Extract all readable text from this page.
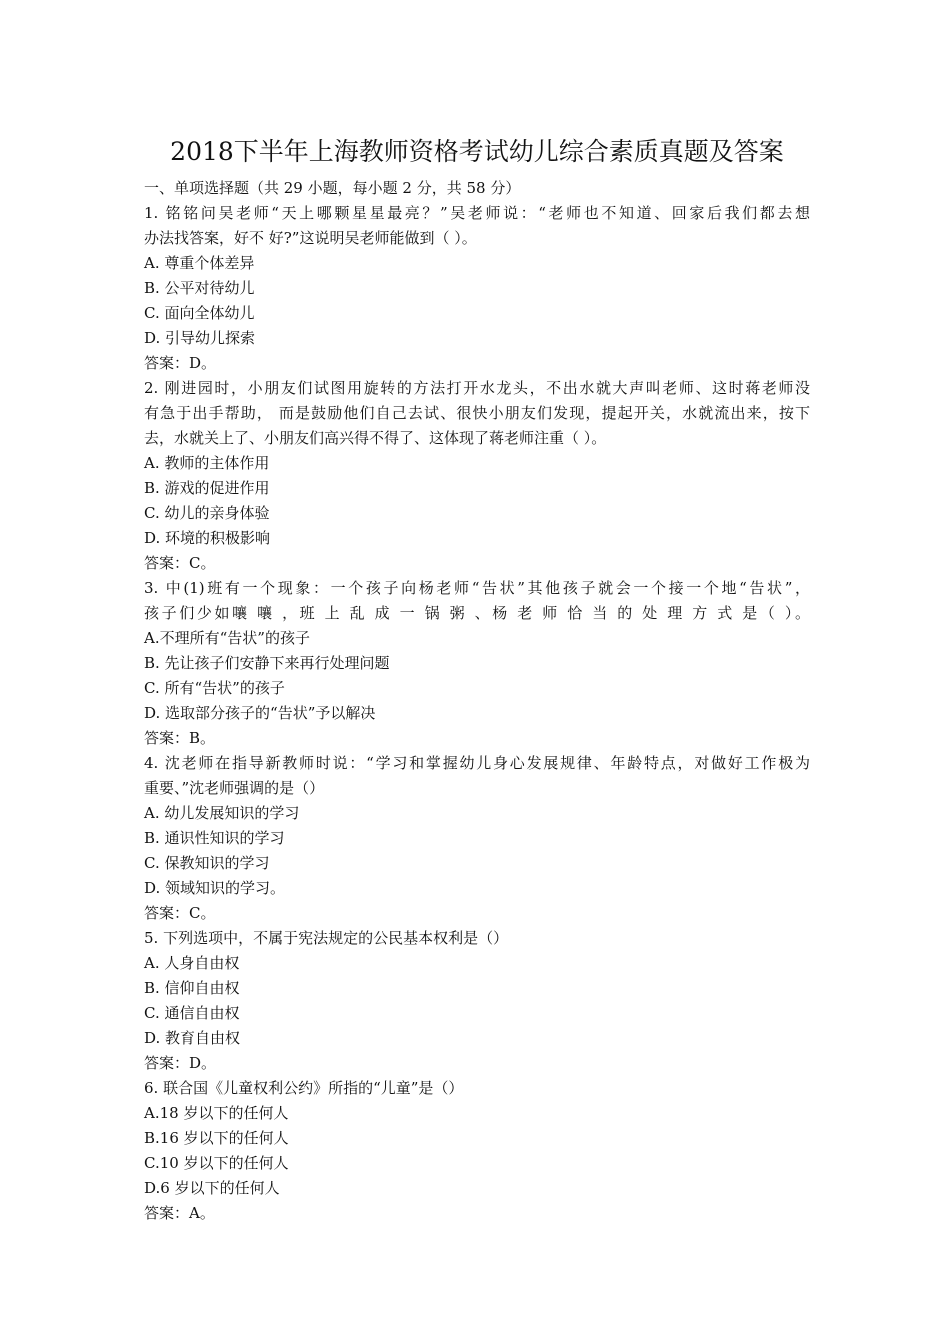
2018下半年上海教师资格考试幼儿综合素质真题及答案
一、单项选择题（共 29 小题，每小题 2 分，共 58 分）
1. 铭铭问吴老师“天上哪颗星星最亮？”吴老师说：“老师也不知道、回家后我们都去想
办法找答案，好不 好?”这说明吴老师能做到（ ）。
A. 尊重个体差异
B. 公平对待幼儿
C. 面向全体幼儿
D. 引导幼儿探索
答案：D。
2. 刚进园时，小朋友们试图用旋转的方法打开水龙头，不出水就大声叫老师、这时蒋老师没
有急于出手帮助， 而是鼓励他们自己去试、很快小朋友们发现，提起开关，水就流出来，按下
去，水就关上了、小朋友们高兴得不得了、这体现了蒋老师注重（ ）。
A. 教师的主体作用
B. 游戏的促进作用
C. 幼儿的亲身体验
D. 环境的积极影响
答案：C。
3. 中(1)班有一个现象：一个孩子向杨老师“告状”其他孩子就会一个接一个地“告状”，
孩子们少如嚷 嚷 ，班 上 乱 成 一 锅 粥 、杨 老 师 恰 当 的 处 理 方 式 是（ ）。
A.不理所有“告状”的孩子
B. 先让孩子们安静下来再行处理问题
C. 所有“告状”的孩子
D. 选取部分孩子的“告状”予以解决
答案：B。
4. 沈老师在指导新教师时说：“学习和掌握幼儿身心发展规律、年龄特点，对做好工作极为
重要、”沈老师强调的是（）
A. 幼儿发展知识的学习
B. 通识性知识的学习
C. 保教知识的学习
D. 领域知识的学习。
答案：C。
5. 下列选项中，不属于宪法规定的公民基本权利是（）
A. 人身自由权
B. 信仰自由权
C. 通信自由权
D. 教育自由权
答案：D。
6. 联合国《儿童权利公约》所指的“儿童”是（）
A.18 岁以下的任何人
B.16 岁以下的任何人
C.10 岁以下的任何人
D.6 岁以下的任何人
答案：A。
